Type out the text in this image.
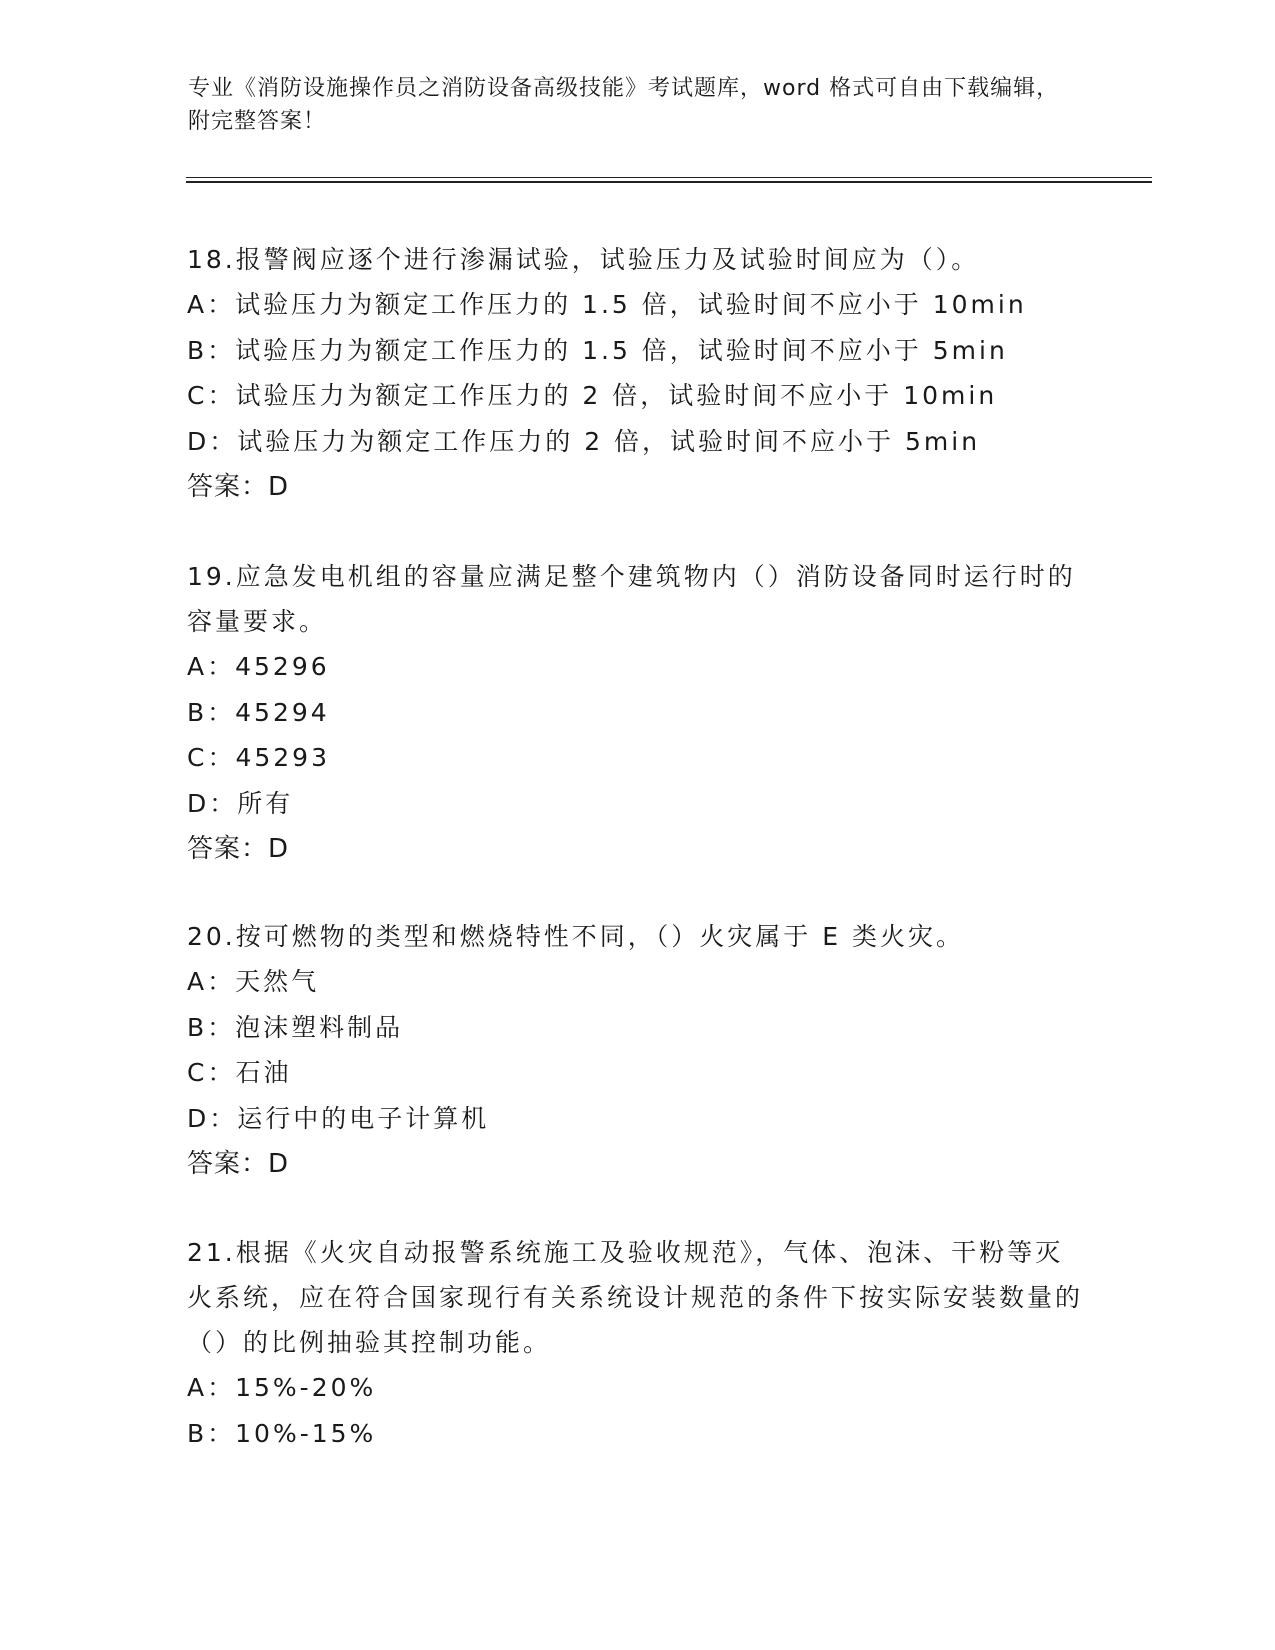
专业《消防设施操作员之消防设备高级技能》考试题库，word 格式可自由下载编辑，附完整答案！
18.报警阀应逐个进行渗漏试验，试验压力及试验时间应为（）。
A：试验压力为额定工作压力的 1.5 倍，试验时间不应小于 10min
B：试验压力为额定工作压力的 1.5 倍，试验时间不应小于 5min
C：试验压力为额定工作压力的 2 倍，试验时间不应小于 10min
D：试验压力为额定工作压力的 2 倍，试验时间不应小于 5min
答案：D
19.应急发电机组的容量应满足整个建筑物内（）消防设备同时运行时的容量要求。
A：45296
B：45294
C：45293
D：所有
答案：D
20.按可燃物的类型和燃烧特性不同，（）火灾属于 E 类火灾。
A：天然气
B：泡沫塑料制品
C：石油
D：运行中的电子计算机
答案：D
21.根据《火灾自动报警系统施工及验收规范》，气体、泡沫、干粉等灭火系统，应在符合国家现行有关系统设计规范的条件下按实际安装数量的（）的比例抽验其控制功能。
A：15%-20%
B：10%-15%
